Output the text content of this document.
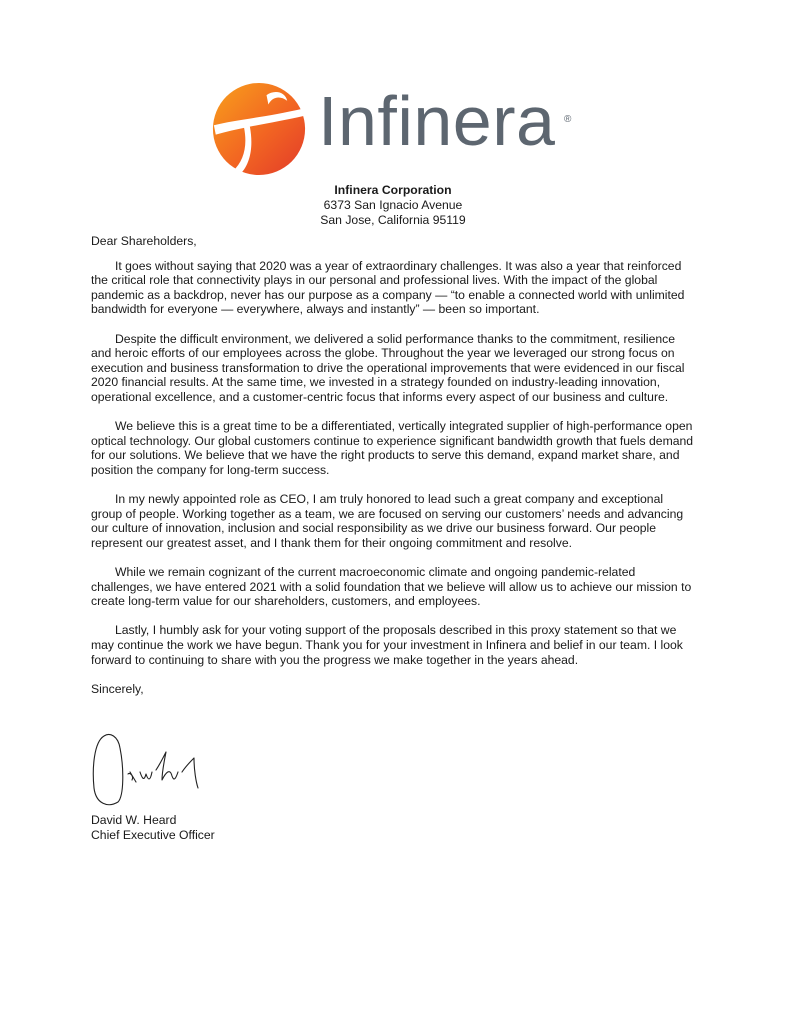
Infinera ®
Infinera Corporation
6373 San Ignacio Avenue
San Jose, California 95119

Dear Shareholders,

It goes without saying that 2020 was a year of extraordinary challenges. It was also a year that reinforced the critical role that connectivity plays in our personal and professional lives. With the impact of the global pandemic as a backdrop, never has our purpose as a company — “to enable a connected world with unlimited bandwidth for everyone — everywhere, always and instantly” — been so important.

Despite the difficult environment, we delivered a solid performance thanks to the commitment, resilience and heroic efforts of our employees across the globe. Throughout the year we leveraged our strong focus on execution and business transformation to drive the operational improvements that were evidenced in our fiscal 2020 financial results. At the same time, we invested in a strategy founded on industry-leading innovation, operational excellence, and a customer-centric focus that informs every aspect of our business and culture.

We believe this is a great time to be a differentiated, vertically integrated supplier of high-performance open optical technology. Our global customers continue to experience significant bandwidth growth that fuels demand for our solutions. We believe that we have the right products to serve this demand, expand market share, and position the company for long-term success.

In my newly appointed role as CEO, I am truly honored to lead such a great company and exceptional group of people. Working together as a team, we are focused on serving our customers’ needs and advancing our culture of innovation, inclusion and social responsibility as we drive our business forward. Our people represent our greatest asset, and I thank them for their ongoing commitment and resolve.

While we remain cognizant of the current macroeconomic climate and ongoing pandemic-related challenges, we have entered 2021 with a solid foundation that we believe will allow us to achieve our mission to create long-term value for our shareholders, customers, and employees.

Lastly, I humbly ask for your voting support of the proposals described in this proxy statement so that we may continue the work we have begun. Thank you for your investment in Infinera and belief in our team. I look forward to continuing to share with you the progress we make together in the years ahead.

Sincerely,

David W. Heard
Chief Executive Officer
